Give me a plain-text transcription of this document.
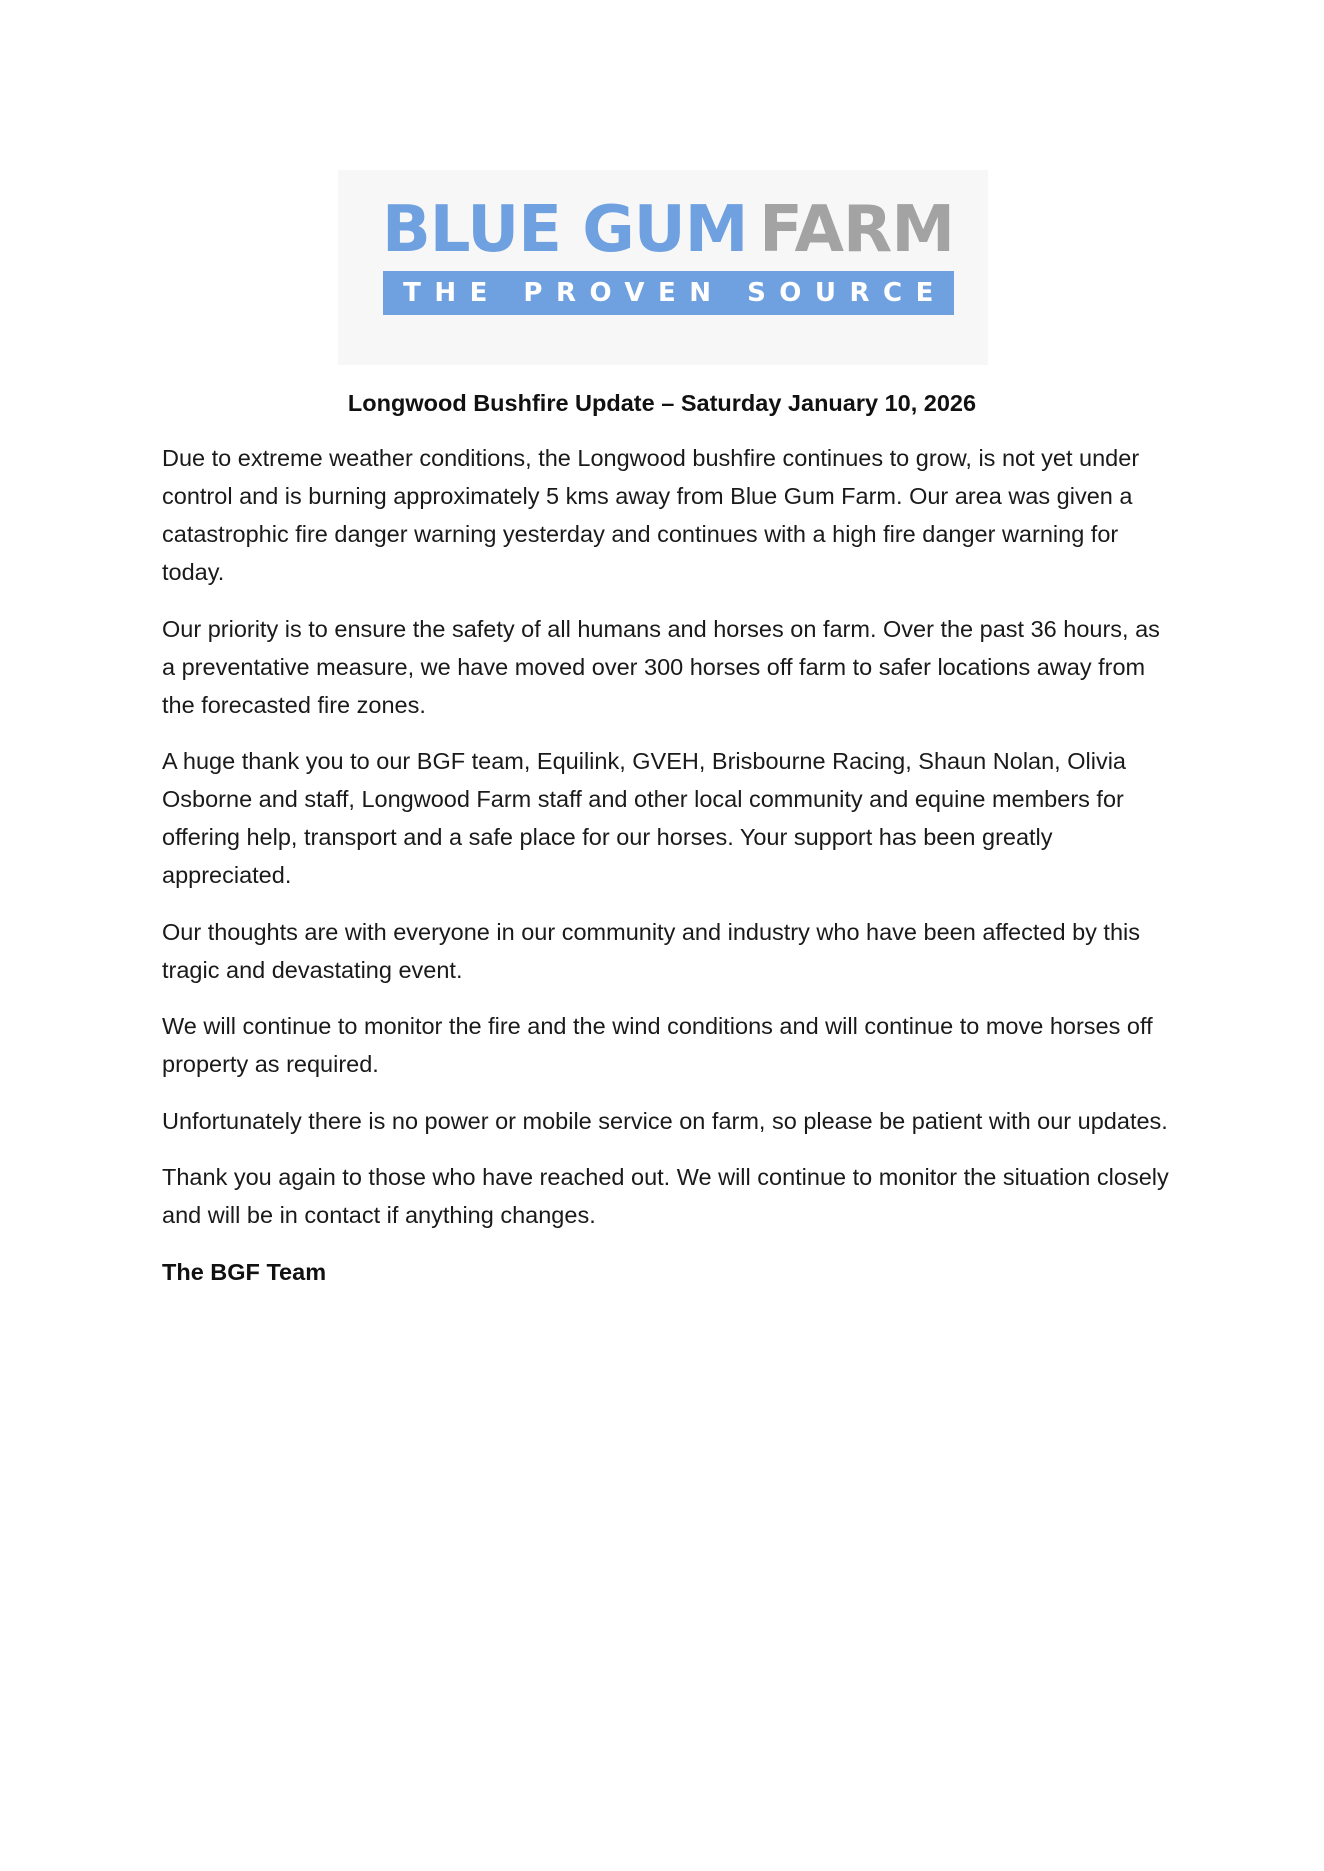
BLUE GUM FARM
THE PROVEN SOURCE
Longwood Bushfire Update – Saturday January 10, 2026

Due to extreme weather conditions, the Longwood bushfire continues to grow, is not yet under control and is burning approximately 5 kms away from Blue Gum Farm. Our area was given a catastrophic fire danger warning yesterday and continues with a high fire danger warning for today.

Our priority is to ensure the safety of all humans and horses on farm. Over the past 36 hours, as a preventative measure, we have moved over 300 horses off farm to safer locations away from the forecasted fire zones.

A huge thank you to our BGF team, Equilink, GVEH, Brisbourne Racing, Shaun Nolan, Olivia Osborne and staff, Longwood Farm staff and other local community and equine members for offering help, transport and a safe place for our horses. Your support has been greatly appreciated.

Our thoughts are with everyone in our community and industry who have been affected by this tragic and devastating event.

We will continue to monitor the fire and the wind conditions and will continue to move horses off property as required.

Unfortunately there is no power or mobile service on farm, so please be patient with our updates.

Thank you again to those who have reached out. We will continue to monitor the situation closely and will be in contact if anything changes.

The BGF Team
